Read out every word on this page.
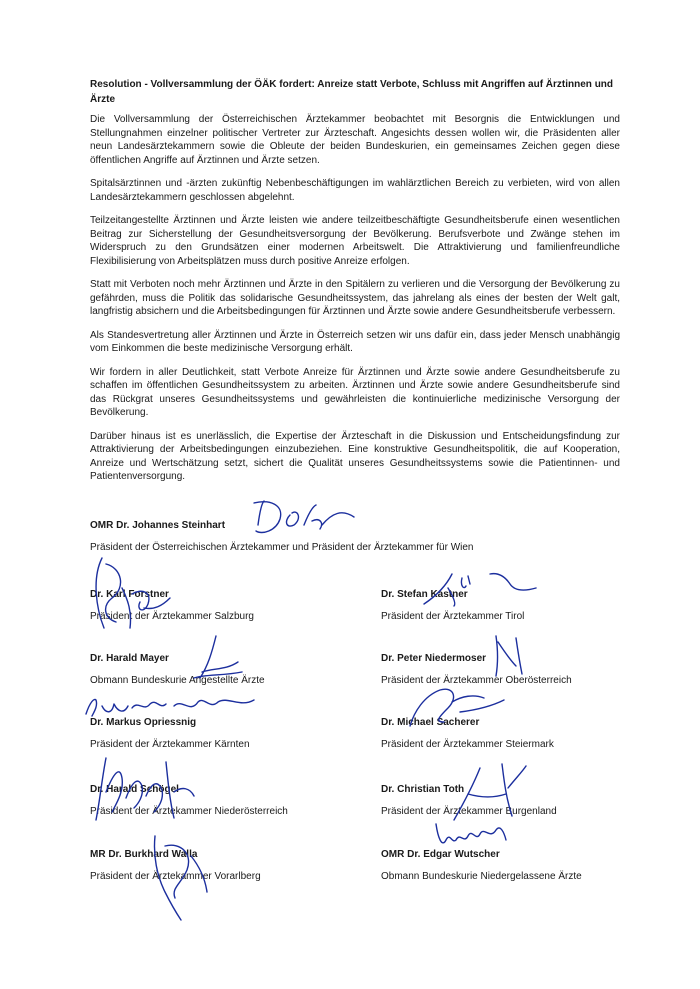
Resolution - Vollversammlung der ÖÄK fordert: Anreize statt Verbote, Schluss mit Angriffen auf Ärztinnen und Ärzte

Die Vollversammlung der Österreichischen Ärztekammer beobachtet mit Besorgnis die Entwicklungen und Stellungnahmen einzelner politischer Vertreter zur Ärzteschaft. Angesichts dessen wollen wir, die Präsidenten aller neun Landesärztekammern sowie die Obleute der beiden Bundeskurien, ein gemeinsames Zeichen gegen diese öffentlichen Angriffe auf Ärztinnen und Ärzte setzen.

Spitalsärztinnen und -ärzten zukünftig Nebenbeschäftigungen im wahlärztlichen Bereich zu verbieten, wird von allen Landesärztekammern geschlossen abgelehnt.

Teilzeitangestellte Ärztinnen und Ärzte leisten wie andere teilzeitbeschäftigte Gesundheitsberufe einen wesentlichen Beitrag zur Sicherstellung der Gesundheitsversorgung der Bevölkerung. Berufsverbote und Zwänge stehen im Widerspruch zu den Grundsätzen einer modernen Arbeitswelt. Die Attraktivierung und familienfreundliche Flexibilisierung von Arbeitsplätzen muss durch positive Anreize erfolgen.

Statt mit Verboten noch mehr Ärztinnen und Ärzte in den Spitälern zu verlieren und die Versorgung der Bevölkerung zu gefährden, muss die Politik das solidarische Gesundheitssystem, das jahrelang als eines der besten der Welt galt, langfristig absichern und die Arbeitsbedingungen für Ärztinnen und Ärzte sowie andere Gesundheitsberufe verbessern.

Als Standesvertretung aller Ärztinnen und Ärzte in Österreich setzen wir uns dafür ein, dass jeder Mensch unabhängig vom Einkommen die beste medizinische Versorgung erhält.

Wir fordern in aller Deutlichkeit, statt Verbote Anreize für Ärztinnen und Ärzte sowie andere Gesundheitsberufe zu schaffen im öffentlichen Gesundheitssystem zu arbeiten. Ärztinnen und Ärzte sowie andere Gesundheitsberufe sind das Rückgrat unseres Gesundheitssystems und gewährleisten die kontinuierliche medizinische Versorgung der Bevölkerung.

Darüber hinaus ist es unerlässlich, die Expertise der Ärzteschaft in die Diskussion und Entscheidungsfindung zur Attraktivierung der Arbeitsbedingungen einzubeziehen. Eine konstruktive Gesundheitspolitik, die auf Kooperation, Anreize und Wertschätzung setzt, sichert die Qualität unseres Gesundheitssystems sowie die Patientinnen- und Patientenversorgung.

OMR Dr. Johannes Steinhart
Präsident der Österreichischen Ärztekammer und Präsident der Ärztekammer für Wien
Dr. Karl Forstner
Präsident der Ärztekammer Salzburg
Dr. Stefan Kastner
Präsident der Ärztekammer Tirol
Dr. Harald Mayer
Obmann Bundeskurie Angestellte Ärzte
Dr. Peter Niedermoser
Präsident der Ärztekammer Oberösterreich
Dr. Markus Opriessnig
Präsident der Ärztekammer Kärnten
Dr. Michael Sacherer
Präsident der Ärztekammer Steiermark
Dr. Harald Schögel
Präsident der Ärztekammer Niederösterreich
Dr. Christian Toth
Präsident der Ärztekammer Burgenland
MR Dr. Burkhard Walla
Präsident der Ärztekammer Vorarlberg
OMR Dr. Edgar Wutscher
Obmann Bundeskurie Niedergelassene Ärzte
